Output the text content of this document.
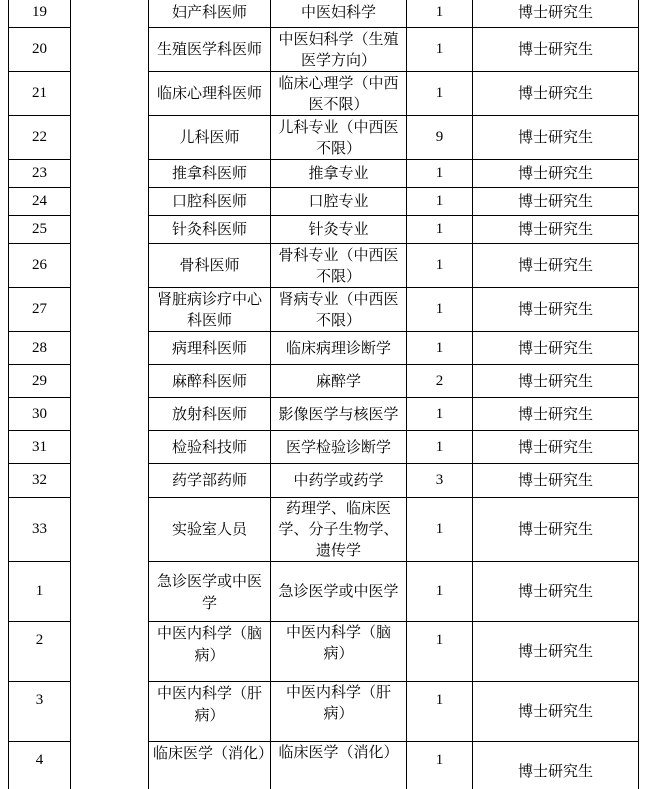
19		妇产科医师	中医妇科学	1	博士研究生
20		生殖医学科医师	中医妇科学（生殖医学方向）	1	博士研究生
21		临床心理科医师	临床心理学（中西医不限）	1	博士研究生
22		儿科医师	儿科专业（中西医不限）	9	博士研究生
23		推拿科医师	推拿专业	1	博士研究生
24		口腔科医师	口腔专业	1	博士研究生
25		针灸科医师	针灸专业	1	博士研究生
26		骨科医师	骨科专业（中西医不限）	1	博士研究生
27		肾脏病诊疗中心科医师	肾病专业（中西医不限）	1	博士研究生
28		病理科医师	临床病理诊断学	1	博士研究生
29		麻醉科医师	麻醉学	2	博士研究生
30		放射科医师	影像医学与核医学	1	博士研究生
31		检验科技师	医学检验诊断学	1	博士研究生
32		药学部药师	中药学或药学	3	博士研究生
33		实验室人员	药理学、临床医学、分子生物学、遗传学	1	博士研究生
1		急诊医学或中医学	急诊医学或中医学	1	博士研究生
2		中医内科学（脑病）	中医内科学（脑病）	1	博士研究生
3		中医内科学（肝病）	中医内科学（肝病）	1	博士研究生
4		临床医学（消化）	临床医学（消化）	1	博士研究生
